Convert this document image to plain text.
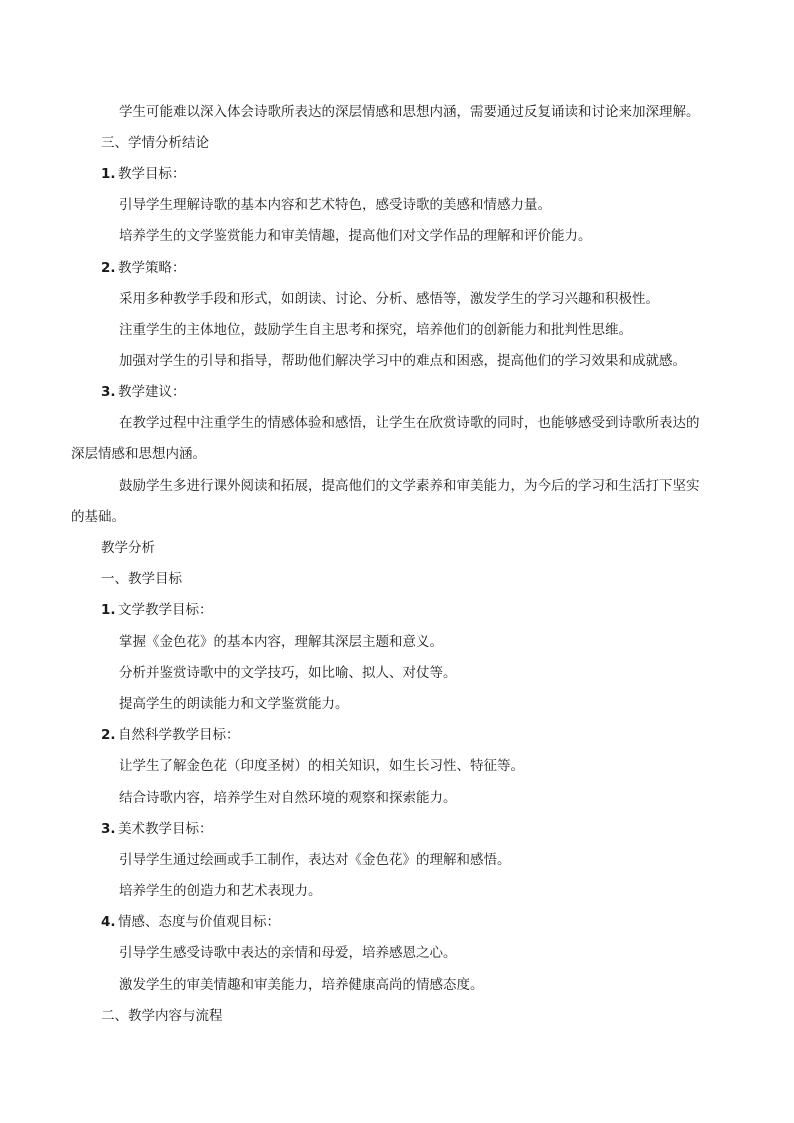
学生可能难以深入体会诗歌所表达的深层情感和思想内涵，需要通过反复诵读和讨论来加深理解。
三、学情分析结论
1. 教学目标：
引导学生理解诗歌的基本内容和艺术特色，感受诗歌的美感和情感力量。
培养学生的文学鉴赏能力和审美情趣，提高他们对文学作品的理解和评价能力。
2. 教学策略：
采用多种教学手段和形式，如朗读、讨论、分析、感悟等，激发学生的学习兴趣和积极性。
注重学生的主体地位，鼓励学生自主思考和探究，培养他们的创新能力和批判性思维。
加强对学生的引导和指导，帮助他们解决学习中的难点和困惑，提高他们的学习效果和成就感。
3. 教学建议：
在教学过程中注重学生的情感体验和感悟，让学生在欣赏诗歌的同时，也能够感受到诗歌所表达的
深层情感和思想内涵。
鼓励学生多进行课外阅读和拓展，提高他们的文学素养和审美能力，为今后的学习和生活打下坚实
的基础。
教学分析
一、教学目标
1. 文学教学目标：
掌握《金色花》的基本内容，理解其深层主题和意义。
分析并鉴赏诗歌中的文学技巧，如比喻、拟人、对仗等。
提高学生的朗读能力和文学鉴赏能力。
2. 自然科学教学目标：
让学生了解金色花（印度圣树）的相关知识，如生长习性、特征等。
结合诗歌内容，培养学生对自然环境的观察和探索能力。
3. 美术教学目标：
引导学生通过绘画或手工制作，表达对《金色花》的理解和感悟。
培养学生的创造力和艺术表现力。
4. 情感、态度与价值观目标：
引导学生感受诗歌中表达的亲情和母爱，培养感恩之心。
激发学生的审美情趣和审美能力，培养健康高尚的情感态度。
二、教学内容与流程
